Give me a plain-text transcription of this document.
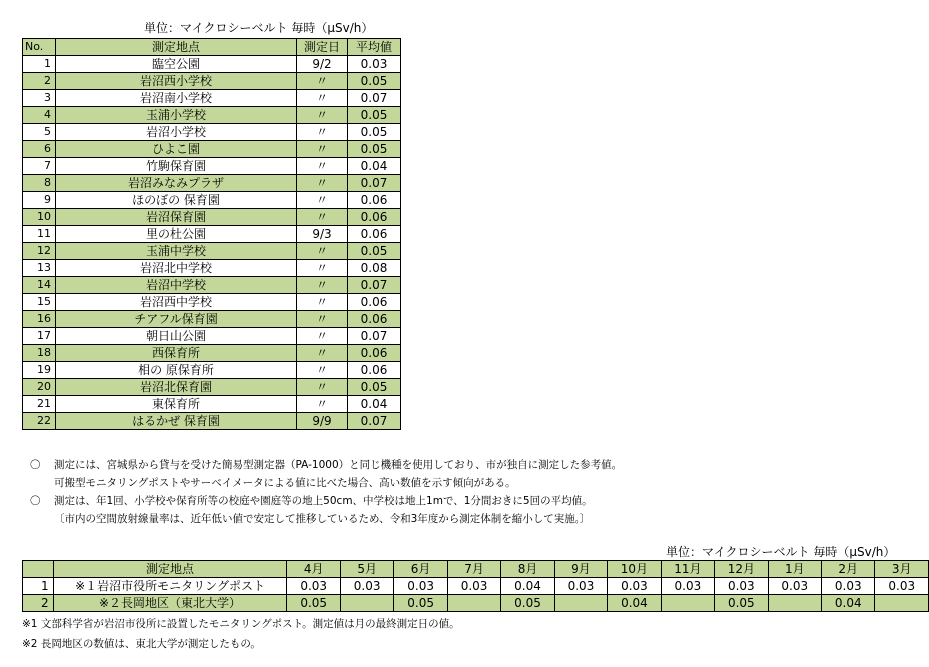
単位：マイクロシーベルト 毎時（μSv/h）
No.	測定地点	測定日	平均値
1	臨空公園	9/2	0.03
2	岩沼西小学校	〃	0.05
3	岩沼南小学校	〃	0.07
4	玉浦小学校	〃	0.05
5	岩沼小学校	〃	0.05
6	ひよこ園	〃	0.05
7	竹駒保育園	〃	0.04
8	岩沼みなみプラザ	〃	0.07
9	ほのぼの 保育園	〃	0.06
10	岩沼保育園	〃	0.06
11	里の杜公園	9/3	0.06
12	玉浦中学校	〃	0.05
13	岩沼北中学校	〃	0.08
14	岩沼中学校	〃	0.07
15	岩沼西中学校	〃	0.06
16	チアフル保育園	〃	0.06
17	朝日山公園	〃	0.07
18	西保育所	〃	0.06
19	相の 原保育所	〃	0.06
20	岩沼北保育園	〃	0.05
21	東保育所	〃	0.04
22	はるかぜ 保育園	9/9	0.07
〇 測定には、宮城県から貸与を受けた簡易型測定器（PA-1000）と同じ機種を使用しており、市が独自に測定した参考値。
可搬型モニタリングポストやサーベイメータによる値に比べた場合、高い数値を示す傾向がある。
〇 測定は、年1回、小学校や保育所等の校庭や園庭等の地上50cm、中学校は地上1mで、1分間おきに5回の平均値。
〔市内の空間放射線量率は、近年低い値で安定して推移しているため、令和3年度から測定体制を縮小して実施。〕
単位：マイクロシーベルト 毎時（μSv/h）
	測定地点	4月	5月	6月	7月	8月	9月	10月	11月	12月	1月	2月	3月
1	※１岩沼市役所モニタリングポスト	0.03	0.03	0.03	0.03	0.04	0.03	0.03	0.03	0.03	0.03	0.03	0.03
2	※２長岡地区（東北大学）	0.05		0.05		0.05		0.04		0.05		0.04	
※1 文部科学省が岩沼市役所に設置したモニタリングポスト。測定値は月の最終測定日の値。
※2 長岡地区の数値は、東北大学が測定したもの。
